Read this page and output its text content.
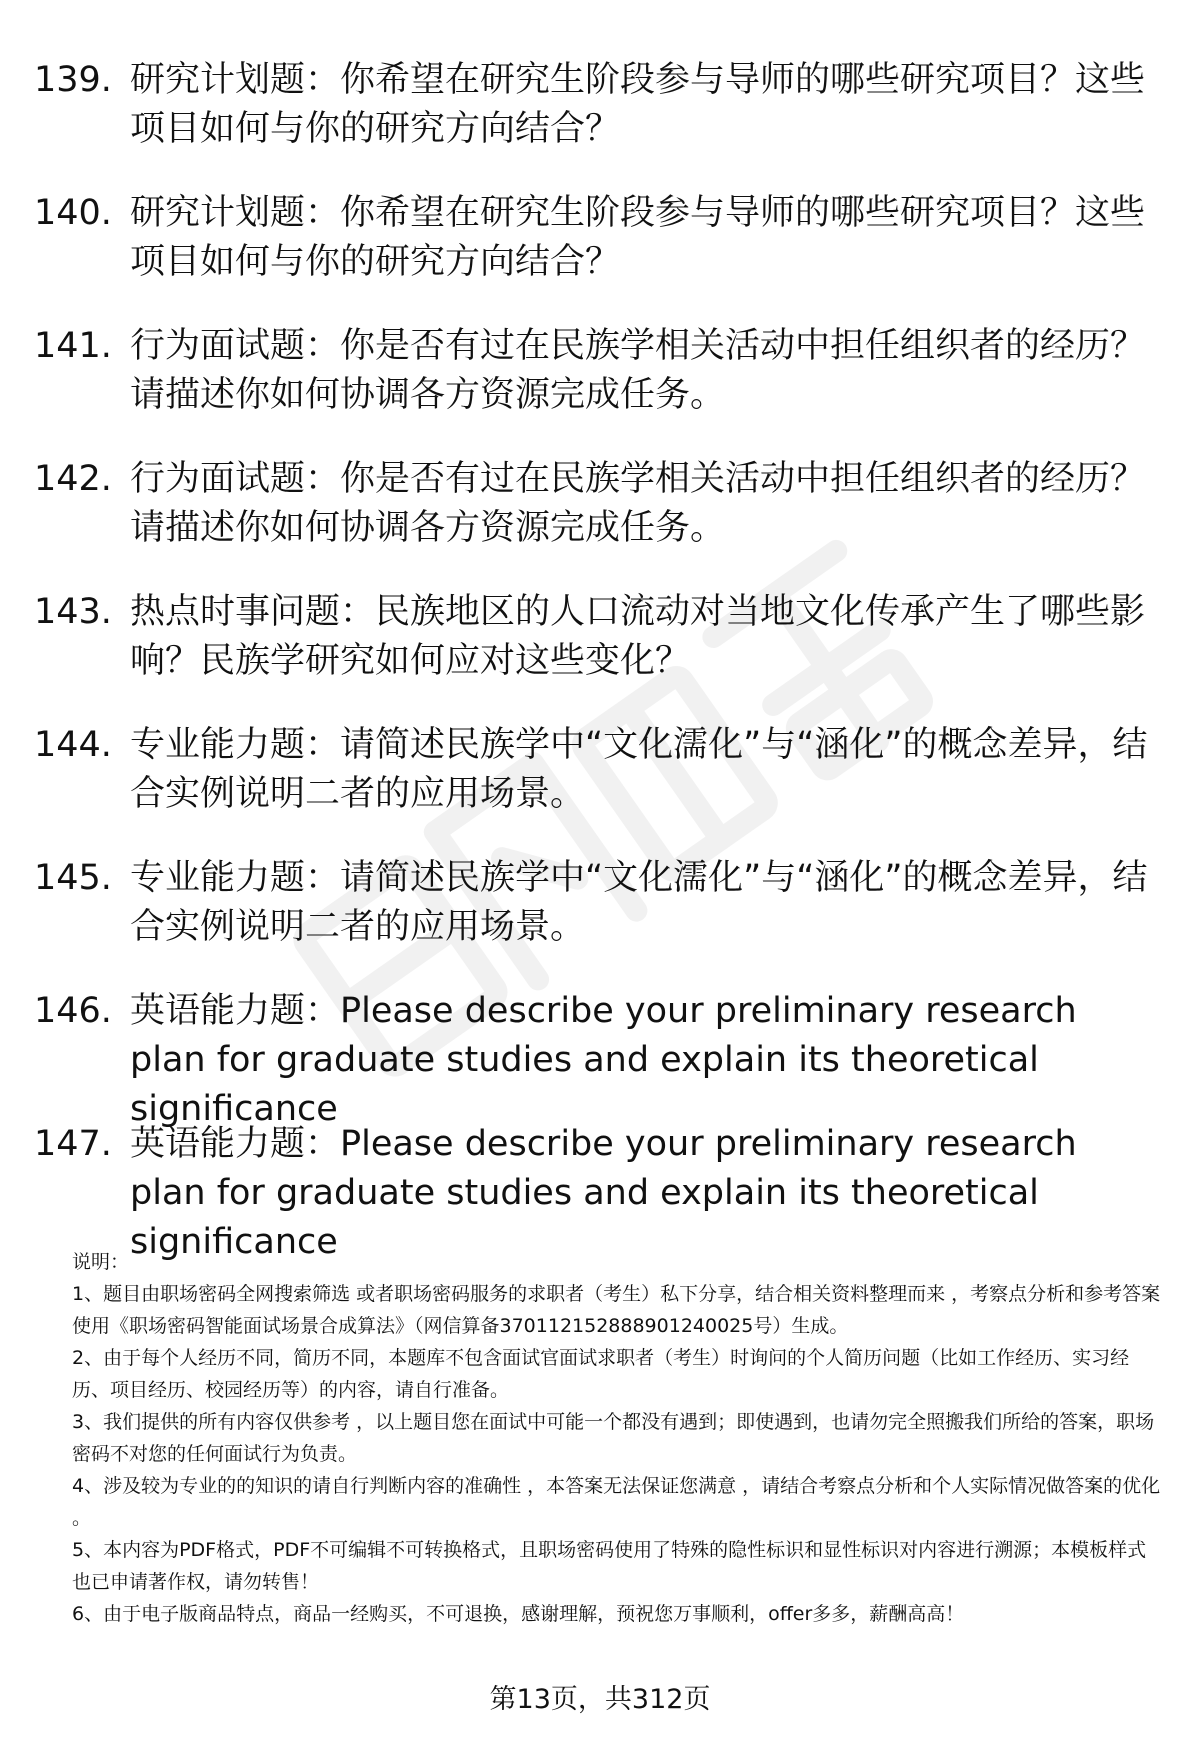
139. 研究计划题：你希望在研究生阶段参与导师的哪些研究项目？这些项目如何与你的研究方向结合？
140. 研究计划题：你希望在研究生阶段参与导师的哪些研究项目？这些项目如何与你的研究方向结合？
141. 行为面试题：你是否有过在民族学相关活动中担任组织者的经历？请描述你如何协调各方资源完成任务。
142. 行为面试题：你是否有过在民族学相关活动中担任组织者的经历？请描述你如何协调各方资源完成任务。
143. 热点时事问题：民族地区的人口流动对当地文化传承产生了哪些影响？民族学研究如何应对这些变化？
144. 专业能力题：请简述民族学中“文化濡化”与“涵化”的概念差异，结合实例说明二者的应用场景。
145. 专业能力题：请简述民族学中“文化濡化”与“涵化”的概念差异，结合实例说明二者的应用场景。
146. 英语能力题：Please describe your preliminary research plan for graduate studies and explain its theoretical significance
147. 英语能力题：Please describe your preliminary research plan for graduate studies and explain its theoretical significance

说明：

1、题目由职场密码全网搜索筛选 或者职场密码服务的求职者（考生）私下分享，结合相关资料整理而来 ，考察点分析和参考答案使用《职场密码智能面试场景合成算法》（网信算备370112152888901240025号）生成。

2、由于每个人经历不同，简历不同，本题库不包含面试官面试求职者（考生）时询问的个人简历问题（比如工作经历、实习经历、项目经历、校园经历等）的内容，请自行准备。

3、我们提供的所有内容仅供参考 ，以上题目您在面试中可能一个都没有遇到；即使遇到，也请勿完全照搬我们所给的答案，职场密码不对您的任何面试行为负责。

4、涉及较为专业的的知识的请自行判断内容的准确性 ，本答案无法保证您满意 ，请结合考察点分析和个人实际情况做答案的优化 。

5、本内容为PDF格式，PDF不可编辑不可转换格式，且职场密码使用了特殊的隐性标识和显性标识对内容进行溯源；本模板样式也已申请著作权，请勿转售！

6、由于电子版商品特点，商品一经购买，不可退换，感谢理解，预祝您万事顺利，offer多多，薪酬高高！

第13页，共312页
